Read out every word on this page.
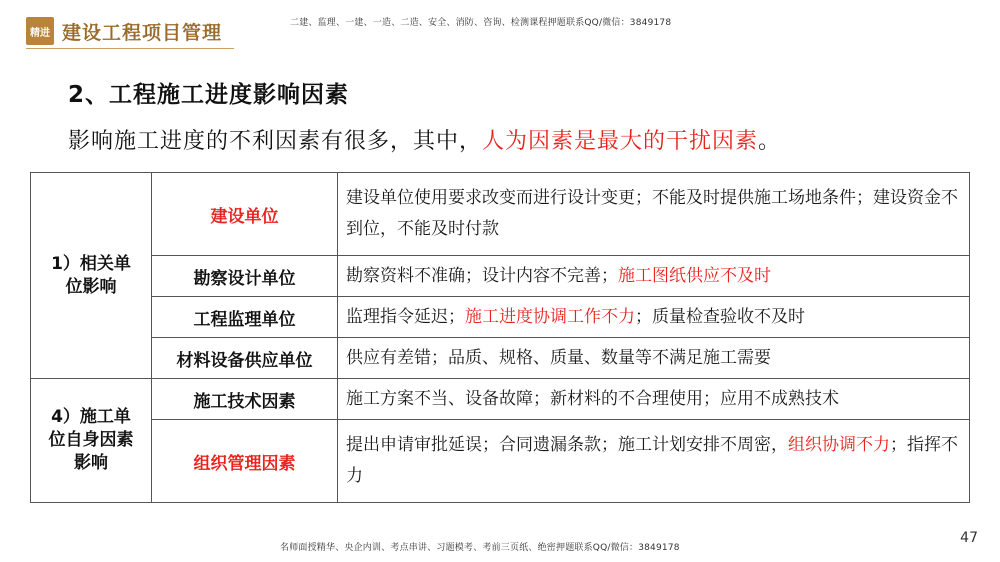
精进 建设工程项目管理	二建、监理、一建、一造、二造、安全、消防、咨询、检测课程押题联系QQ/微信：3849178
2、工程施工进度影响因素
影响施工进度的不利因素有很多，其中，人为因素是最大的干扰因素。
1）相关单
位影响	建设单位	建设单位使用要求改变而进行设计变更；不能及时提供施工场地条件；建设资金不到位，不能及时付款
	勘察设计单位	勘察资料不准确；设计内容不完善；施工图纸供应不及时
	工程监理单位	监理指令延迟；施工进度协调工作不力；质量检查验收不及时
	材料设备供应单位	供应有差错；品质、规格、质量、数量等不满足施工需要

4）施工单
位自身因素
影响	施工技术因素	施工方案不当、设备故障；新材料的不合理使用；应用不成熟技术
	组织管理因素	提出申请审批延误；合同遗漏条款；施工计划安排不周密，组织协调不力；指挥不力
47
名师面授精华、央企内训、考点串讲、习题模考、考前三页纸、绝密押题联系QQ/微信：3849178
